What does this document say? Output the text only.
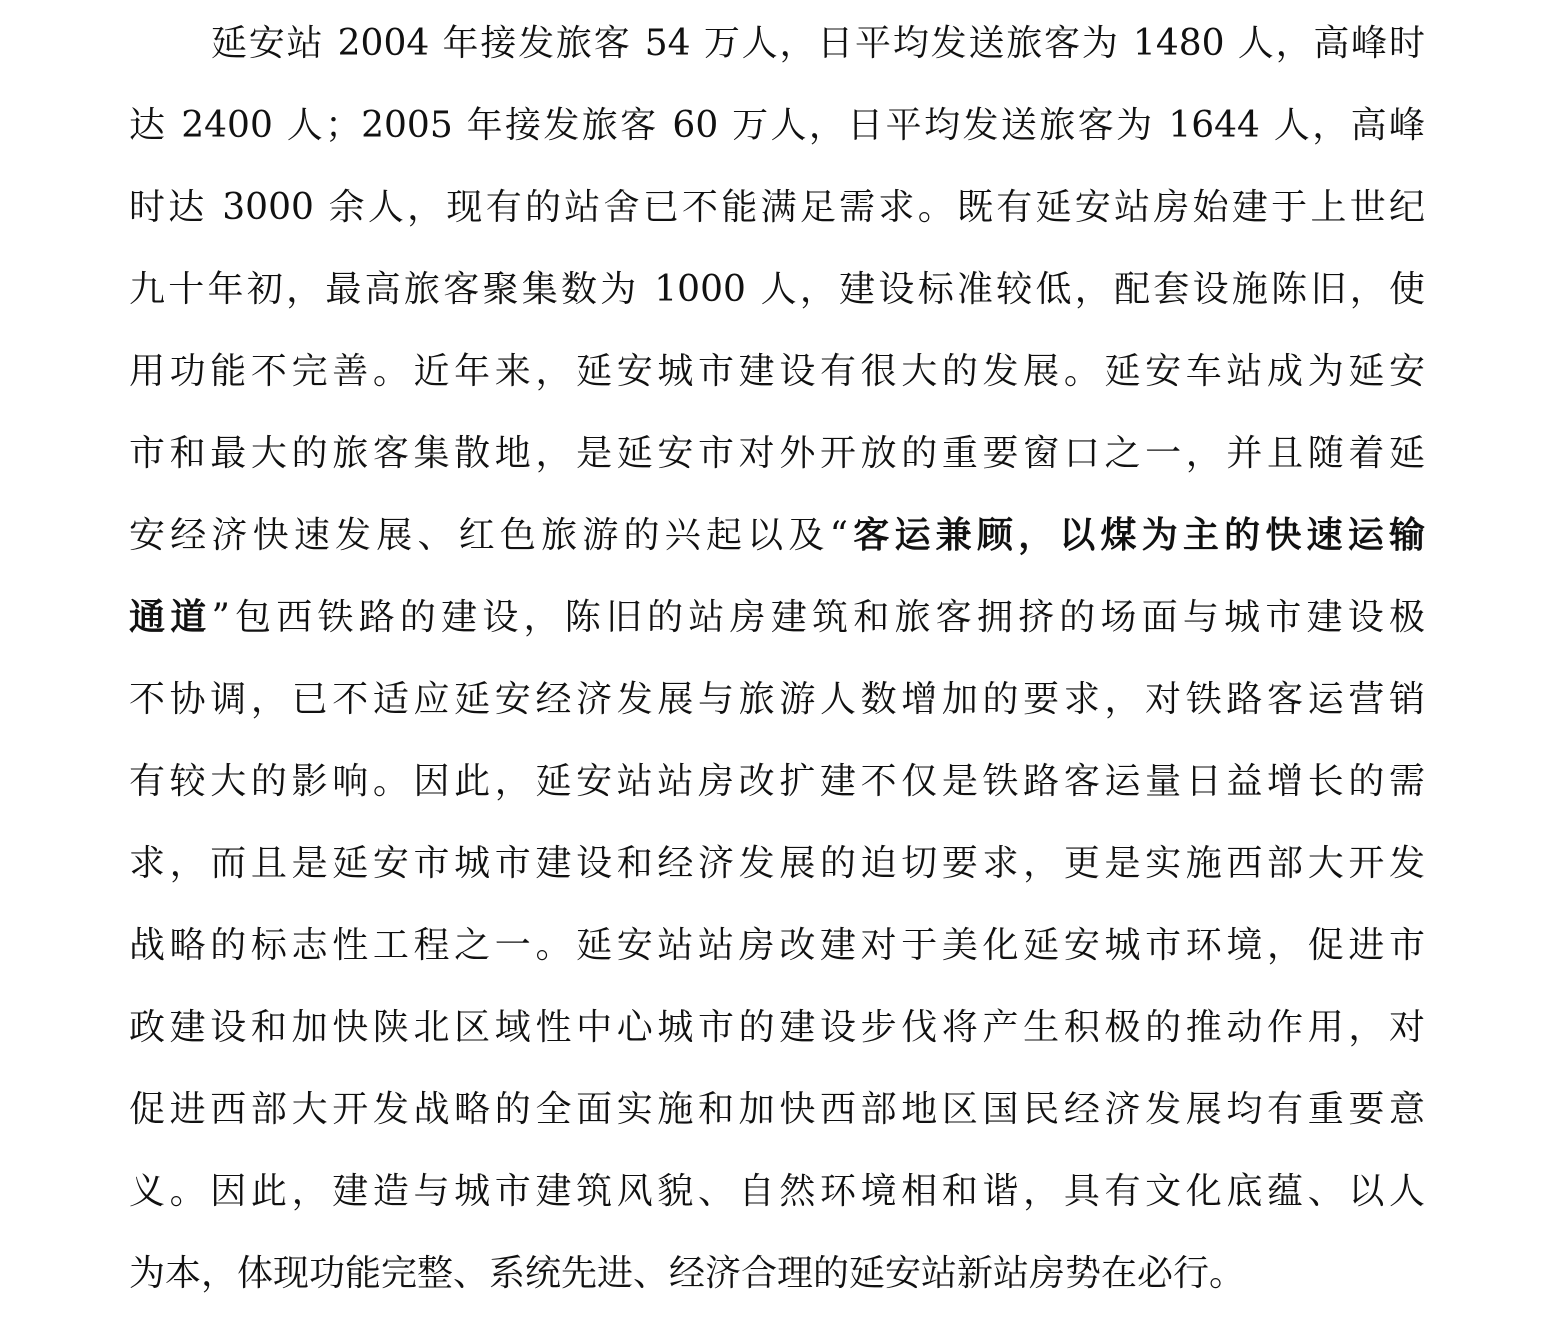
延安站 2004 年接发旅客 54 万人，日平均发送旅客为 1480 人，高峰时
达 2400 人；2005 年接发旅客 60 万人，日平均发送旅客为 1644 人，高峰
时达 3000 余人，现有的站舍已不能满足需求。既有延安站房始建于上世纪
九十年初，最高旅客聚集数为 1000 人，建设标准较低，配套设施陈旧，使
用功能不完善。近年来，延安城市建设有很大的发展。延安车站成为延安
市和最大的旅客集散地，是延安市对外开放的重要窗口之一，并且随着延
安经济快速发展、红色旅游的兴起以及“客运兼顾，以煤为主的快速运输
通道”包西铁路的建设，陈旧的站房建筑和旅客拥挤的场面与城市建设极
不协调，已不适应延安经济发展与旅游人数增加的要求，对铁路客运营销
有较大的影响。因此，延安站站房改扩建不仅是铁路客运量日益增长的需
求，而且是延安市城市建设和经济发展的迫切要求，更是实施西部大开发
战略的标志性工程之一。延安站站房改建对于美化延安城市环境，促进市
政建设和加快陕北区域性中心城市的建设步伐将产生积极的推动作用，对
促进西部大开发战略的全面实施和加快西部地区国民经济发展均有重要意
义。因此，建造与城市建筑风貌、自然环境相和谐，具有文化底蕴、以人
为本，体现功能完整、系统先进、经济合理的延安站新站房势在必行。
